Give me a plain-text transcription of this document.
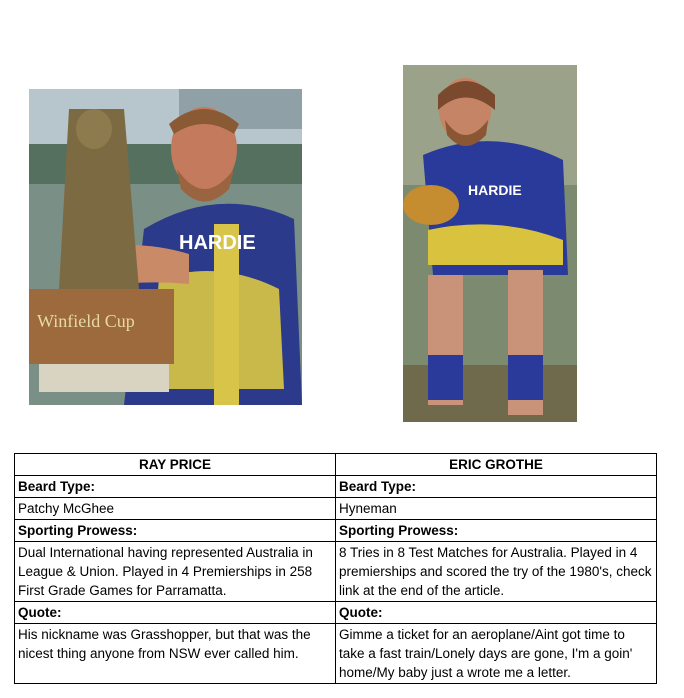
Winfield Cup
HARDIE
HARDIE
RAY PRICE	ERIC GROTHE
Beard Type:	Beard Type:
Patchy McGhee	Hyneman
Sporting Prowess:	Sporting Prowess:
Dual International having represented Australia in League & Union. Played in 4 Premierships in 258 First Grade Games for Parramatta.	8 Tries in 8 Test Matches for Australia. Played in 4 premierships and scored the try of the 1980's, check link at the end of the article.
Quote:	Quote:
His nickname was Grasshopper, but that was the nicest thing anyone from NSW ever called him.	Gimme a ticket for an aeroplane/Aint got time to take a fast train/Lonely days are gone, I'm a goin' home/My baby just a wrote me a letter.
